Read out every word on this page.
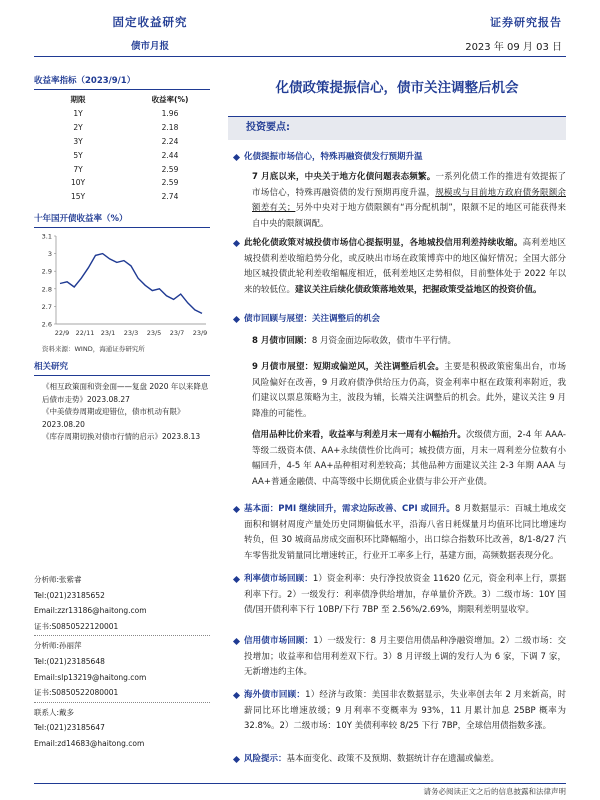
固定收益研究
债市月报
证券研究报告
2023 年 09 月 03 日
收益率指标（2023/9/1）
期限	收益率(%)
1Y	1.96
2Y	2.18
3Y	2.24
5Y	2.44
7Y	2.59
10Y	2.59
15Y	2.74
十年国开债收益率（%）
3.1
3
2.9
2.8
2.7
2.6
22/9 22/11 23/1 23/3 23/5 23/7 23/9
资料来源：WIND，海通证券研究所
相关研究
《相互政策面和资金面——复盘 2020 年以来降息后债市走势》2023.08.27
《中美债券周期或迎错位，债市机动有限》2023.08.20
《库存周期切换对债市行情的启示》2023.8.13
分析师:张紫睿
Tel:(021)23185652
Email:zzr13186@haitong.com
证书:S0850522120001
分析师:孙丽萍
Tel:(021)23185648
Email:slp13219@haitong.com
证书:S0850522080001
联系人:戴多
Tel:(021)23185647
Email:zd14683@haitong.com
化债政策提振信心，债市关注调整后机会
投资要点:
化债提振市场信心，特殊再融资债发行预期升温
7 月底以来，中央关于地方化债问题表态频繁。一系列化债工作的推进有效提振了市场信心，特殊再融资债的发行预期再度升温，规模或与目前地方政府债务限额余额差有关；另外中央对于地方债限额有“再分配机制”，限额不足的地区可能获得来自中央的限额调配。
此轮化债政策对城投债市场信心提振明显，各地城投信用利差持续收缩。高利差地区城投债利差收缩趋势分化，或反映出市场在政策博弈中的地区偏好情况；全国大部分地区城投债此轮利差收缩幅度相近，低利差地区走势相似，目前整体处于 2022 年以来的较低位。建议关注后续化债政策落地效果，把握政策受益地区的投资价值。
债市回顾与展望：关注调整后的机会
8 月债市回顾：8 月资金面边际收敛，债市牛平行情。
9 月债市展望：短期或偏逆风，关注调整后机会。主要是积极政策密集出台，市场风险偏好在改善，9 月政府债净供给压力仍高，资金利率中枢在政策利率附近，我们建议以票息策略为主，波段为辅，长端关注调整后的机会。此外，建议关注 9 月降准的可能性。
信用品种比价来看，收益率与利差月末一周有小幅抬升。次级债方面，2-4 年 AAA-等级二级资本债、AA+永续债性价比尚可；城投债方面，月末一周利差分位数有小幅回升，4-5 年 AA+品种相对利差较高；其他品种方面建议关注 2-3 年期 AAA 与 AA+普通金融债、中高等级中长期优质企业债与非公开产业债。
基本面：PMI 继续回升，需求边际改善、CPI 或回升。8 月数据显示：百城土地成交面积和钢材周度产量处历史同期偏低水平，沿海八省日耗煤量月均值环比同比增速均转负，但 30 城商品房成交面积环比降幅缩小，出口综合指数环比改善，8/1-8/27 汽车零售批发销量同比增速转正，行业开工率多上行，基建方面，高频数据表现分化。
利率债市场回顾：1）资金利率：央行净投放资金 11620 亿元，资金利率上行，票据利率下行。2）一级发行：利率债净供给增加，存单量价齐跌。3）二级市场：10Y 国债/国开债利率下行 10BP/下行 7BP 至 2.56%/2.69%，期限利差明显收窄。
信用债市场回顾：1）一级发行：8 月主要信用债品种净融资增加。2）二级市场：交投增加；收益率和信用利差双下行。3）8 月评级上调的发行人为 6 家，下调 7 家，无新增违约主体。
海外债市回顾：1）经济与政策：美国非农数据显示，失业率创去年 2 月来新高，时薪同比环比增速放缓；9 月利率不变概率为 93%，11 月累计加息 25BP 概率为 32.8%。2）二级市场：10Y 美债利率较 8/25 下行 7BP，全球信用债指数多涨。
风险提示：基本面变化、政策不及预期、数据统计存在遗漏或偏差。
请务必阅读正文之后的信息披露和法律声明
